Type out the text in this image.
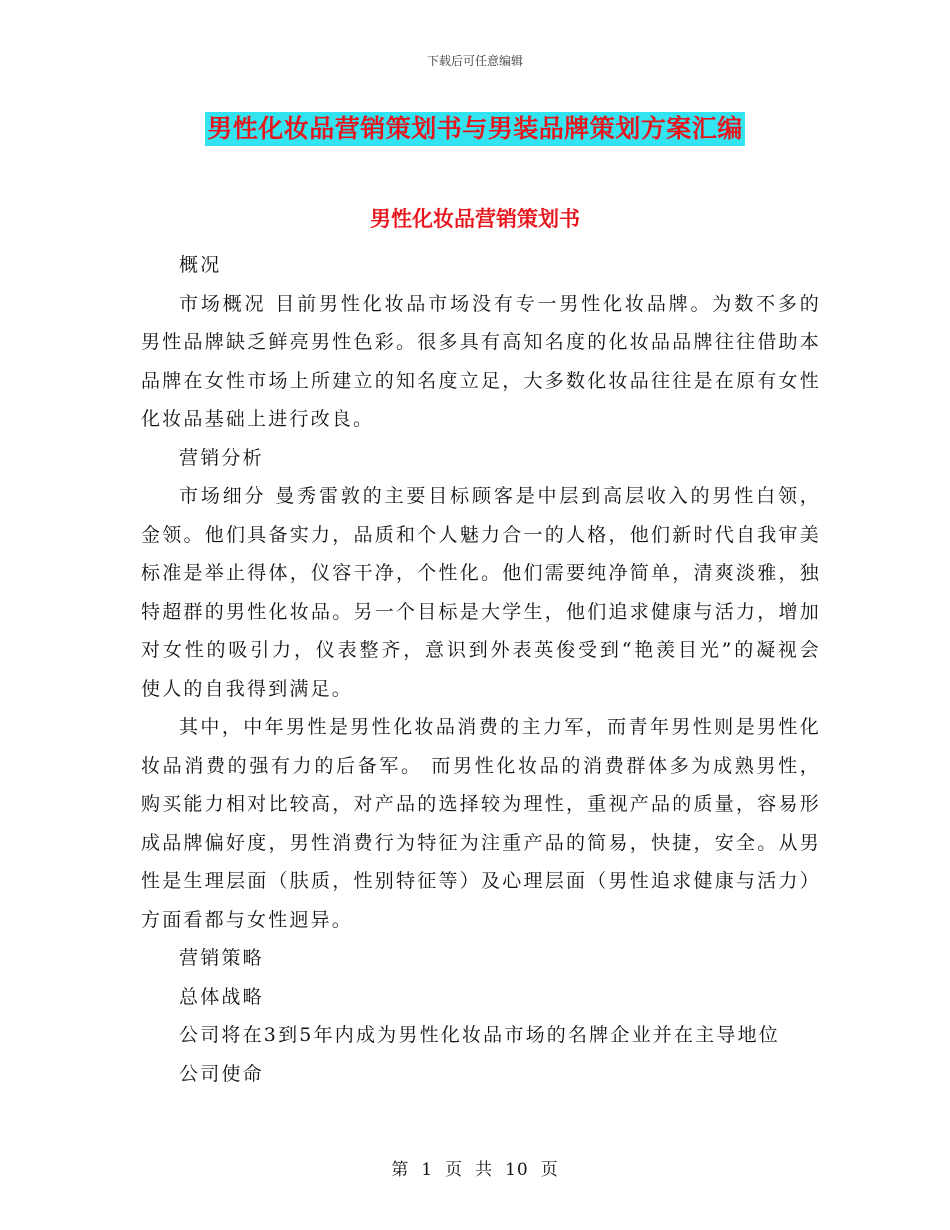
下载后可任意编辑
男性化妆品营销策划书与男装品牌策划方案汇编
男性化妆品营销策划书

概况

市场概况 目前男性化妆品市场没有专一男性化妆品牌。为数不多的男性品牌缺乏鲜亮男性色彩。很多具有高知名度的化妆品品牌往往借助本品牌在女性市场上所建立的知名度立足，大多数化妆品往往是在原有女性化妆品基础上进行改良。

营销分析

市场细分 曼秀雷敦的主要目标顾客是中层到高层收入的男性白领，金领。他们具备实力，品质和个人魅力合一的人格，他们新时代自我审美标准是举止得体，仪容干净，个性化。他们需要纯净简单，清爽淡雅，独特超群的男性化妆品。另一个目标是大学生，他们追求健康与活力，增加对女性的吸引力，仪表整齐，意识到外表英俊受到“艳羡目光”的凝视会使人的自我得到满足。

其中，中年男性是男性化妆品消费的主力军，而青年男性则是男性化妆品消费的强有力的后备军。 而男性化妆品的消费群体多为成熟男性，购买能力相对比较高，对产品的选择较为理性，重视产品的质量，容易形成品牌偏好度，男性消费行为特征为注重产品的简易，快捷，安全。从男性是生理层面（肤质，性别特征等）及心理层面（男性追求健康与活力）方面看都与女性迥异。

营销策略

总体战略

公司将在3到5年内成为男性化妆品市场的名牌企业并在主导地位

公司使命

第 1 页 共 10 页
